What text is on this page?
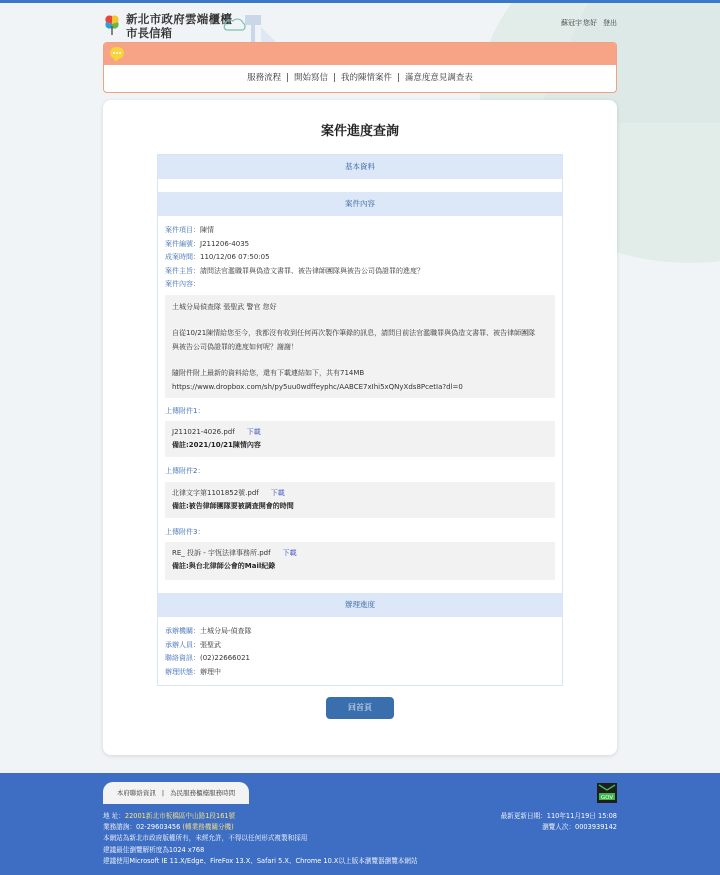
新北市政府雲端櫃檯
市長信箱
蘇冠宇您好 登出
服務流程 | 開始寫信 | 我的陳情案件 | 滿意度意見調查表
案件進度查詢
基本資料
案件內容
案件項目：陳情
案件編號：J211206-4035
成案時間：110/12/06 07:50:05
案件主旨：請問法官濫職罪與偽造文書罪、被告律師團隊與被告公司偽證罪的進度？
案件內容：
土城分局偵查隊 張聖武 警官 您好
自從10/21陳情給您至今，我都沒有收到任何再次製作筆錄的訊息，請問目前法官濫職罪與偽造文書罪、被告律師團隊
與被告公司偽證罪的進度如何呢？謝謝！
隨附件附上最新的資料給您，還有下載連結如下，共有714MB
https://www.dropbox.com/sh/py5uu0wdffeyphc/AABCE7xIhi5xQNyXds8PcetIa?dl=0
上傳附件1：
J211021-4026.pdf 下載
備註:2021/10/21陳情內容
上傳附件2：
北律文字第1101852號.pdf 下載
備註:被告律師團隊要被調查開會的時間
上傳附件3：
RE_ 投訴 - 宇恆法律事務所.pdf 下載
備註:與台北律師公會的Mail紀錄
辦理進度
承辦機關：土城分局-偵查隊
承辦人員：張聖武
聯絡資訊：(02)22666021
辦理狀態：辦理中
回首頁
本府聯絡資訊 | 為民服務櫃檯服務時間
地 址：22001新北市板橋區中山路1段161號
業務諮詢：02-29603456 (轉業務機關分機)
本網站為新北市政府版權所有，未經允許，不得以任何形式複製和採用
建議最佳瀏覽解析度為1024 x768
建議使用Microsoft IE 11.X/Edge、FireFox 13.X、Safari 5.X、Chrome 10.X以上版本瀏覽器瀏覽本網站
最新更新日期：110年11月19日 15:08
瀏覽人次：0003939142
GOV
